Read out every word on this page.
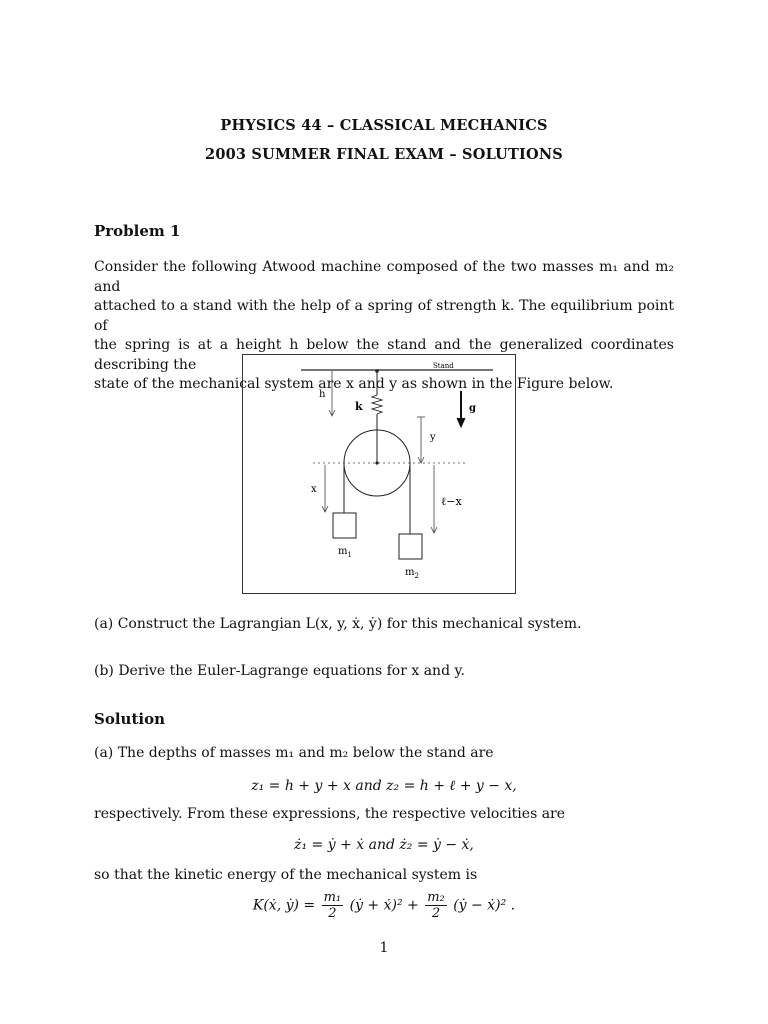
PHYSICS 44 – CLASSICAL MECHANICS
2003 SUMMER FINAL EXAM – SOLUTIONS
Problem 1
Consider the following Atwood machine composed of the two masses m₁ and m₂ and
attached to a stand with the help of a spring of strength k. The equilibrium point of
the spring is at a height h below the stand and the generalized coordinates describing the
state of the mechanical system are x and y as shown in the Figure below.
Stand
h
k	g
y
x
ℓ−x
$m_1$
$m_2$
(a) Construct the Lagrangian L(x, y, ẋ, ẏ) for this mechanical system.
(b) Derive the Euler-Lagrange equations for x and y.
Solution
(a) The depths of masses m₁ and m₂ below the stand are
z₁ = h + y + x and z₂ = h + ℓ + y − x,
respectively. From these expressions, the respective velocities are
ż₁ = ẏ + ẋ and ż₂ = ẏ − ẋ,
so that the kinetic energy of the mechanical system is
K(ẋ, ẏ) = $\frac{\text{m₁}}{2}$ (ẏ + ẋ)² + $\frac{\text{m₂}}{2}$ (ẏ − ẋ)² .
1
